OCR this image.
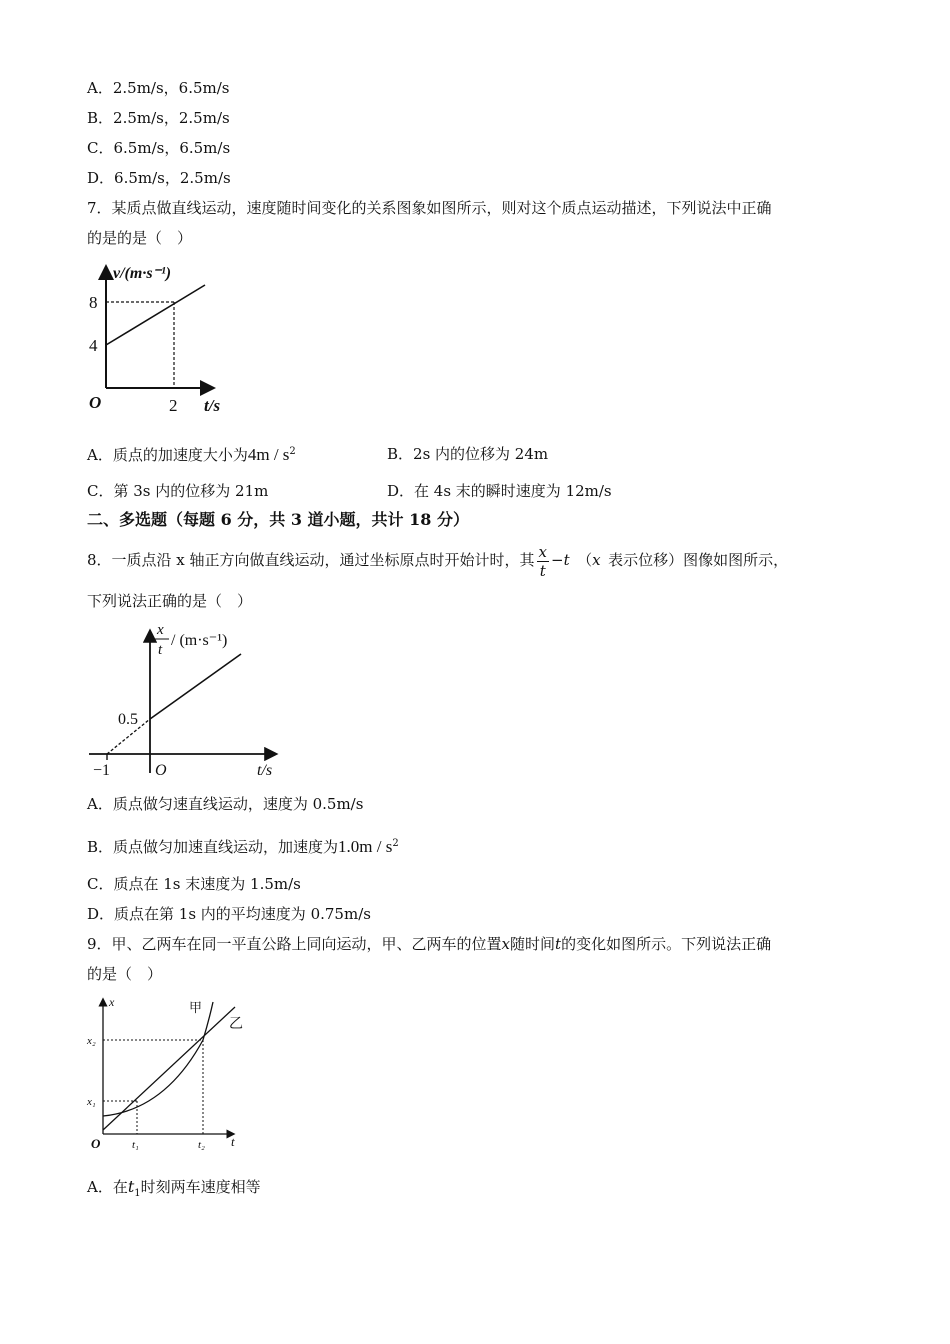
A．2.5m/s，6.5m/s
B．2.5m/s，2.5m/s
C．6.5m/s，6.5m/s
D．6.5m/s，2.5m/s
7．某质点做直线运动，速度随时间变化的关系图象如图所示，则对这个质点运动描述，下列说法中正确
的是的是（　）
v/(m·s⁻¹)
8
4
O	2 t/s
A．质点的加速度大小为$4m / s^2$	B．2s 内的位移为 24m
C．第 3s 内的位移为 21m	D．在 4s 末的瞬时速度为 12m/s
二、多选题（每题 6 分，共 3 道小题，共计 18 分）
8．一质点沿 x 轴正方向做直线运动，通过坐标原点时开始计时，其 $\frac{x}{t} -t$  （x  表示位移）图像如图所示，
下列说法正确的是（　）
x
t
/ (m·s⁻¹)
0.5
−1	O	t/s
A．质点做匀速直线运动，速度为 0.5m/s
B．质点做匀加速直线运动，加速度为$1.0m / s^2$
C．质点在 1s 末速度为 1.5m/s
D．质点在第 1s 内的平均速度为 0.75m/s
9．甲、乙两车在同一平直公路上同向运动，甲、乙两车的位置x随时间t的变化如图所示。下列说法正确
的是（　）
x	甲
乙
x₂
x₁
O	t₁	t₂ t
A．在$t_1$时刻两车速度相等
